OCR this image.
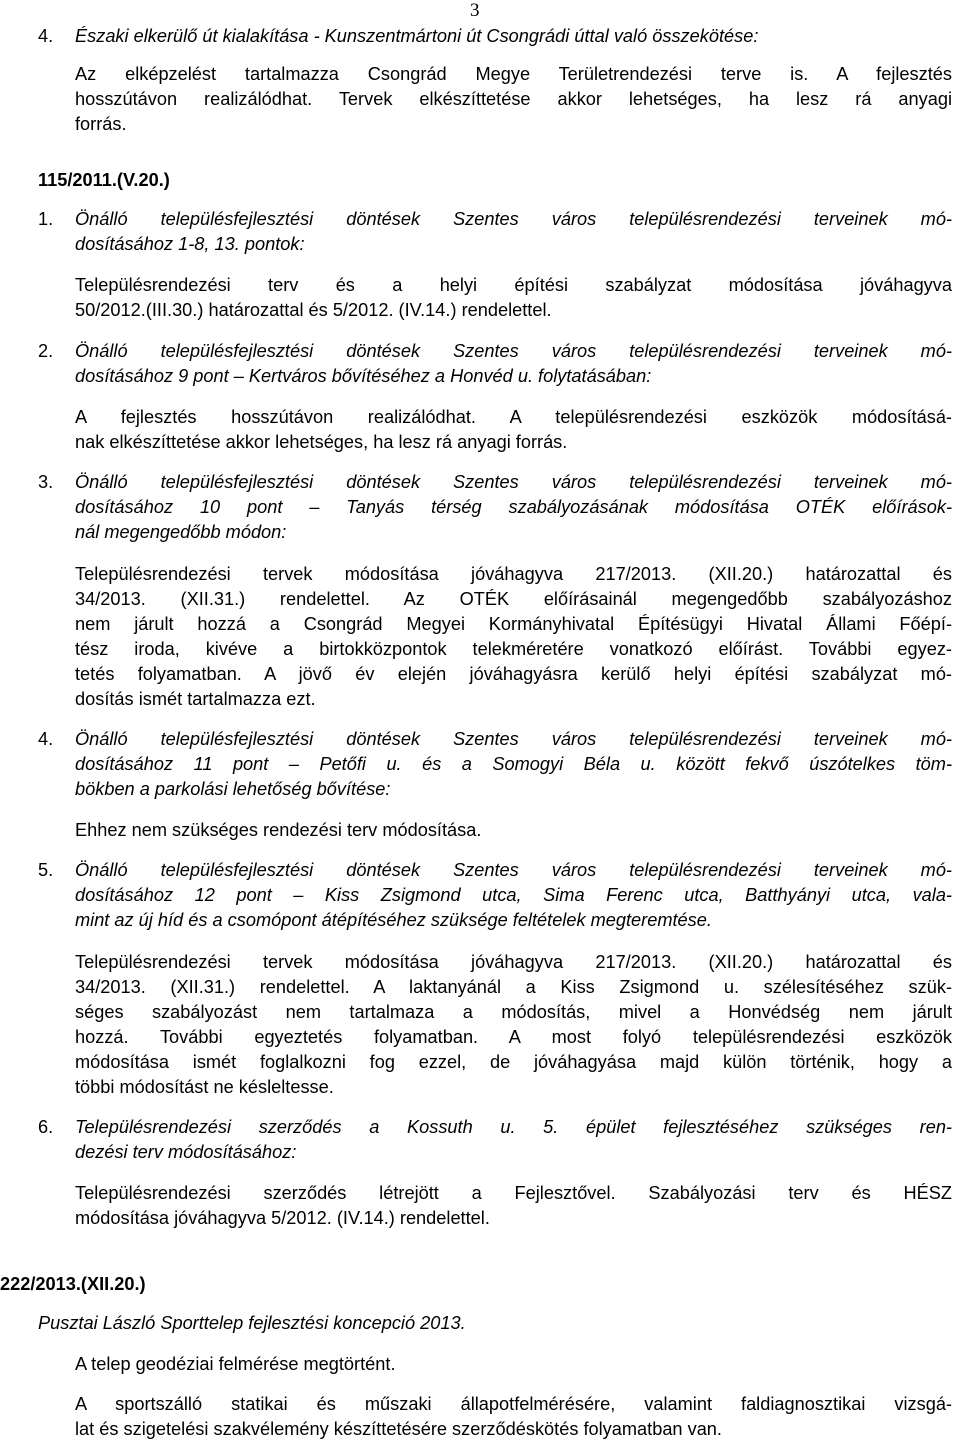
3
4. Északi elkerülő út kialakítása - Kunszentmártoni út Csongrádi úttal való összekötése:
Az elképzelést tartalmazza Csongrád Megye Területrendezési terve is. A fejlesztés
hosszútávon realizálódhat. Tervek elkészíttetése akkor lehetséges, ha lesz rá anyagi
forrás.
115/2011.(V.20.)
1. Önálló településfejlesztési döntések Szentes város településrendezési terveinek mó-
dosításához 1-8, 13. pontok:
Településrendezési terv és a helyi építési szabályzat módosítása jóváhagyva
50/2012.(III.30.) határozattal és 5/2012. (IV.14.) rendelettel.
2. Önálló településfejlesztési döntések Szentes város településrendezési terveinek mó-
dosításához 9 pont – Kertváros bővítéséhez a Honvéd u. folytatásában:
A fejlesztés hosszútávon realizálódhat. A településrendezési eszközök módosításá-
nak elkészíttetése akkor lehetséges, ha lesz rá anyagi forrás.
3. Önálló településfejlesztési döntések Szentes város településrendezési terveinek mó-
dosításához 10 pont – Tanyás térség szabályozásának módosítása OTÉK előírások-
nál megengedőbb módon:
Településrendezési tervek módosítása jóváhagyva 217/2013. (XII.20.) határozattal és
34/2013. (XII.31.) rendelettel. Az OTÉK előírásainál megengedőbb szabályozáshoz
nem járult hozzá a Csongrád Megyei Kormányhivatal Építésügyi Hivatal Állami Főépí-
tész iroda, kivéve a birtokközpontok telekméretére vonatkozó előírást. További egyez-
tetés folyamatban. A jövő év elején jóváhagyásra kerülő helyi építési szabályzat mó-
dosítás ismét tartalmazza ezt.
4. Önálló településfejlesztési döntések Szentes város településrendezési terveinek mó-
dosításához 11 pont – Petőfi u. és a Somogyi Béla u. között fekvő úszótelkes töm-
bökben a parkolási lehetőség bővítése:
Ehhez nem szükséges rendezési terv módosítása.
5. Önálló településfejlesztési döntések Szentes város településrendezési terveinek mó-
dosításához 12 pont – Kiss Zsigmond utca, Sima Ferenc utca, Batthyányi utca, vala-
mint az új híd és a csomópont átépítéséhez szüksége feltételek megteremtése.
Településrendezési tervek módosítása jóváhagyva 217/2013. (XII.20.) határozattal és
34/2013. (XII.31.) rendelettel. A laktanyánál a Kiss Zsigmond u. szélesítéséhez szük-
séges szabályozást nem tartalmaza a módosítás, mivel a Honvédség nem járult
hozzá. További egyeztetés folyamatban. A most folyó településrendezési eszközök
módosítása ismét foglalkozni fog ezzel, de jóváhagyása majd külön történik, hogy a
többi módosítást ne késleltesse.
6. Településrendezési szerződés a Kossuth u. 5. épület fejlesztéséhez szükséges ren-
dezési terv módosításához:
Településrendezési szerződés létrejött a Fejlesztővel. Szabályozási terv és HÉSZ
módosítása jóváhagyva 5/2012. (IV.14.) rendelettel.
222/2013.(XII.20.)
Pusztai László Sporttelep fejlesztési koncepció 2013.
A telep geodéziai felmérése megtörtént.
A sportszálló statikai és műszaki állapotfelmérésére, valamint faldiagnosztikai vizsgá-
lat és szigetelési szakvélemény készíttetésére szerződéskötés folyamatban van.
